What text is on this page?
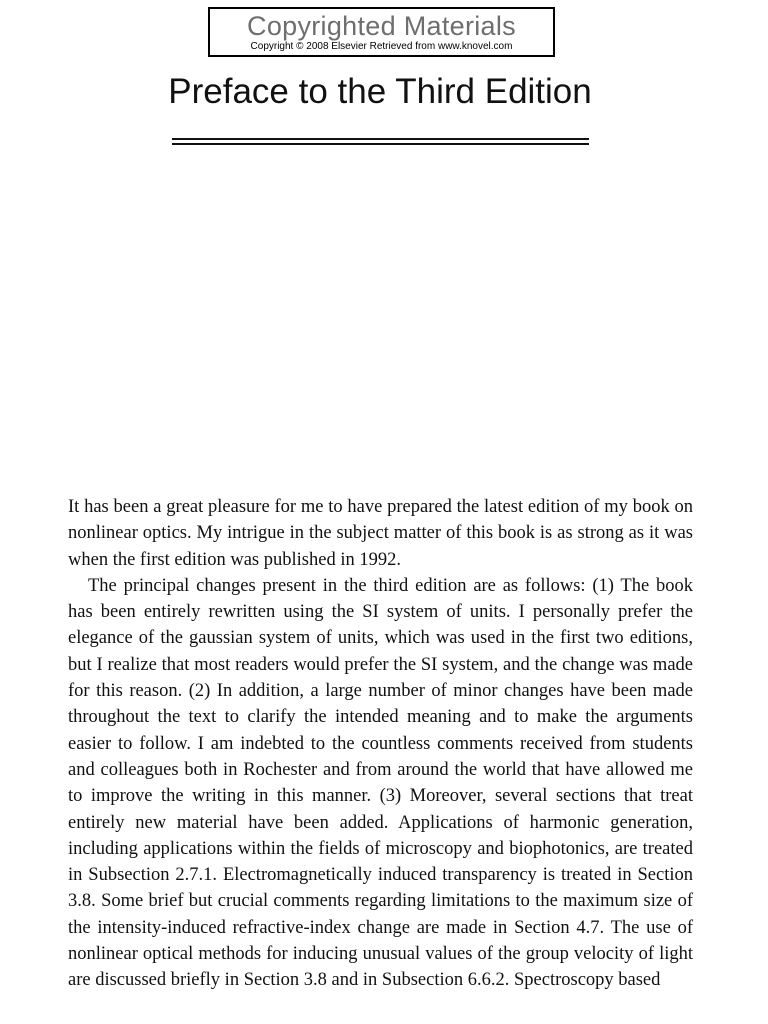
Copyrighted Materials
Copyright © 2008 Elsevier Retrieved from www.knovel.com
Preface to the Third Edition

It has been a great pleasure for me to have prepared the latest edition of my book on nonlinear optics. My intrigue in the subject matter of this book is as strong as it was when the first edition was published in 1992.

The principal changes present in the third edition are as follows: (1) The book has been entirely rewritten using the SI system of units. I personally prefer the elegance of the gaussian system of units, which was used in the first two editions, but I realize that most readers would prefer the SI system, and the change was made for this reason. (2) In addition, a large number of minor changes have been made throughout the text to clarify the intended meaning and to make the arguments easier to follow. I am indebted to the countless comments received from students and colleagues both in Rochester and from around the world that have allowed me to improve the writing in this manner. (3) Moreover, several sections that treat entirely new material have been added. Applications of harmonic generation, including applications within the fields of microscopy and biophotonics, are treated in Subsection 2.7.1. Electromagnetically induced transparency is treated in Section 3.8. Some brief but crucial comments regarding limitations to the maximum size of the intensity-induced refractive-index change are made in Section 4.7. The use of nonlinear optical methods for inducing unusual values of the group velocity of light are discussed briefly in Section 3.8 and in Subsection 6.6.2. Spectroscopy based
